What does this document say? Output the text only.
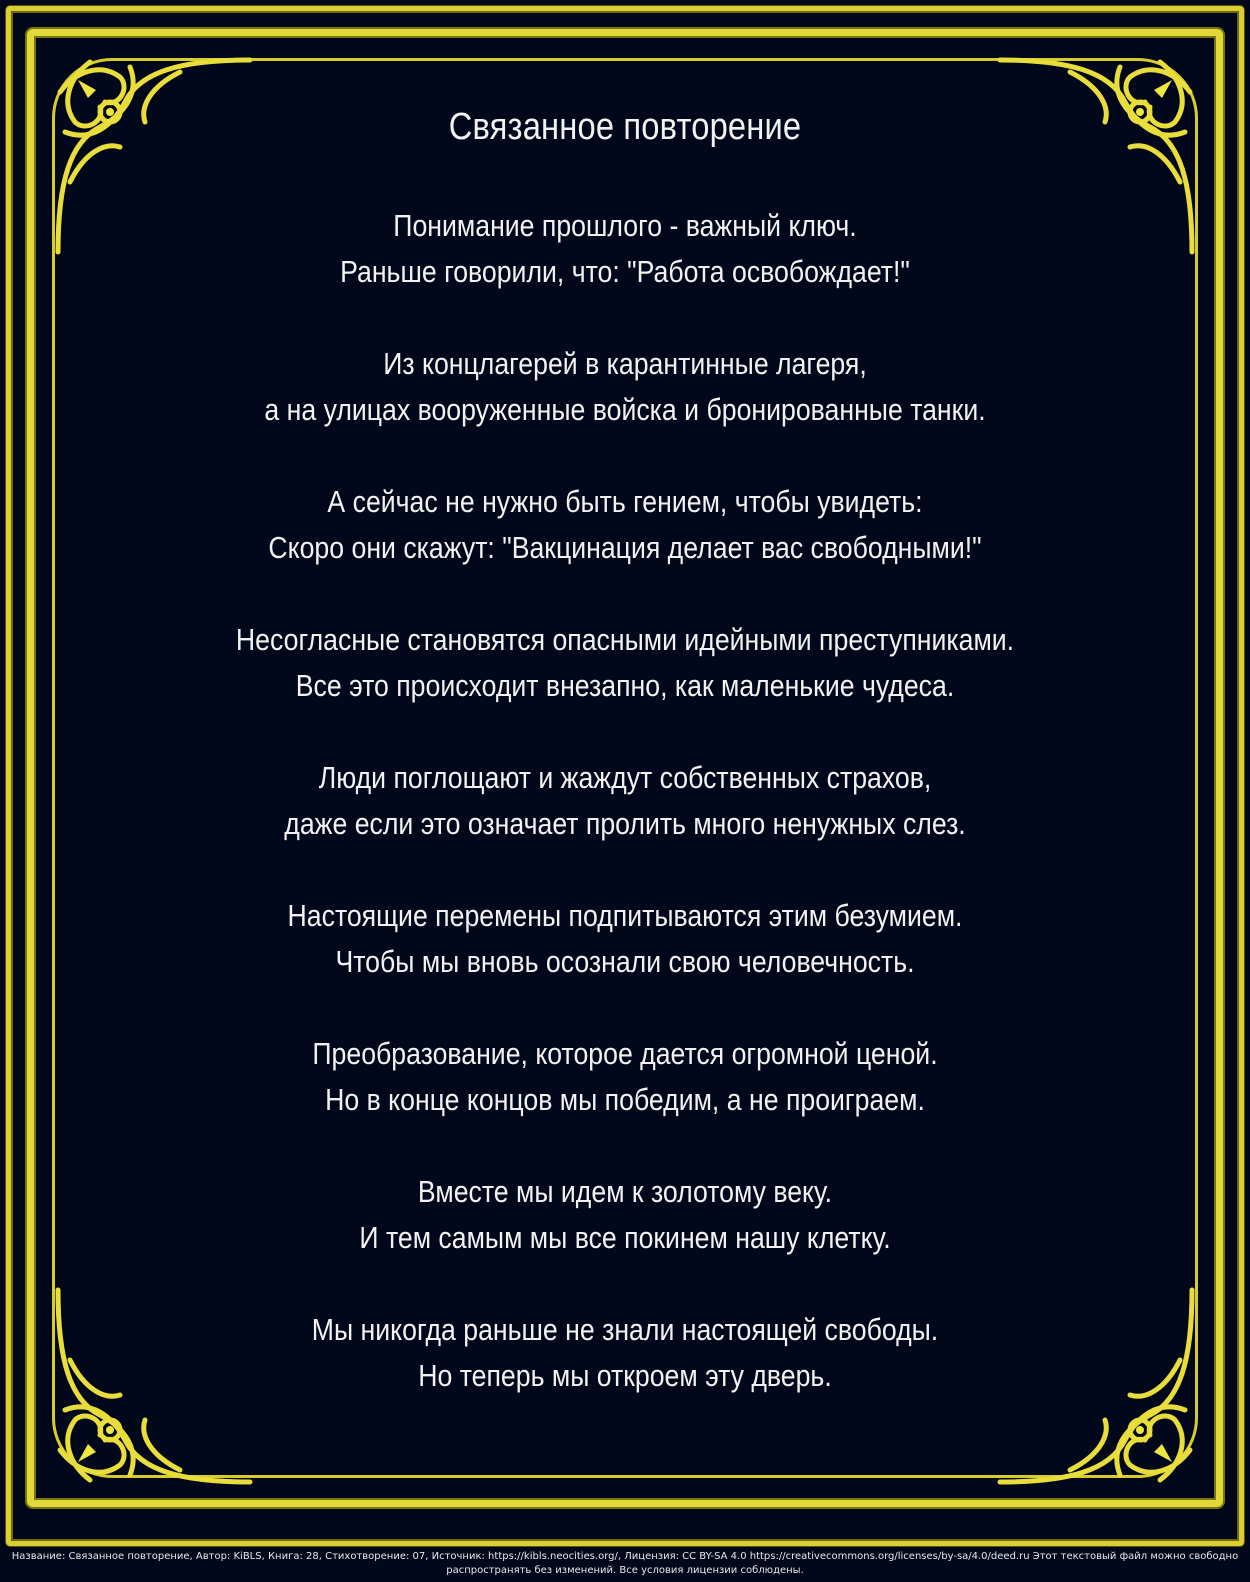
Связанное повторение
Понимание прошлого - важный ключ.
Раньше говорили, что: "Работа освобождает!"
Из концлагерей в карантинные лагеря,
а на улицах вооруженные войска и бронированные танки.
А сейчас не нужно быть гением, чтобы увидеть:
Скоро они скажут: "Вакцинация делает вас свободными!"
Несогласные становятся опасными идейными преступниками.
Все это происходит внезапно, как маленькие чудеса.
Люди поглощают и жаждут собственных страхов,
даже если это означает пролить много ненужных слез.
Настоящие перемены подпитываются этим безумием.
Чтобы мы вновь осознали свою человечность.
Преобразование, которое дается огромной ценой.
Но в конце концов мы победим, а не проиграем.
Вместе мы идем к золотому веку.
И тем самым мы все покинем нашу клетку.
Мы никогда раньше не знали настоящей свободы.
Но теперь мы откроем эту дверь.
Название: Связанное повторение, Автор: KiBLS, Книга: 28, Стихотворение: 07, Источник: https://kibls.neocities.org/, Лицензия: CC BY-SA 4.0 https://creativecommons.org/licenses/by-sa/4.0/deed.ru Этот текстовый файл можно свободно
распространять без изменений. Все условия лицензии соблюдены.
